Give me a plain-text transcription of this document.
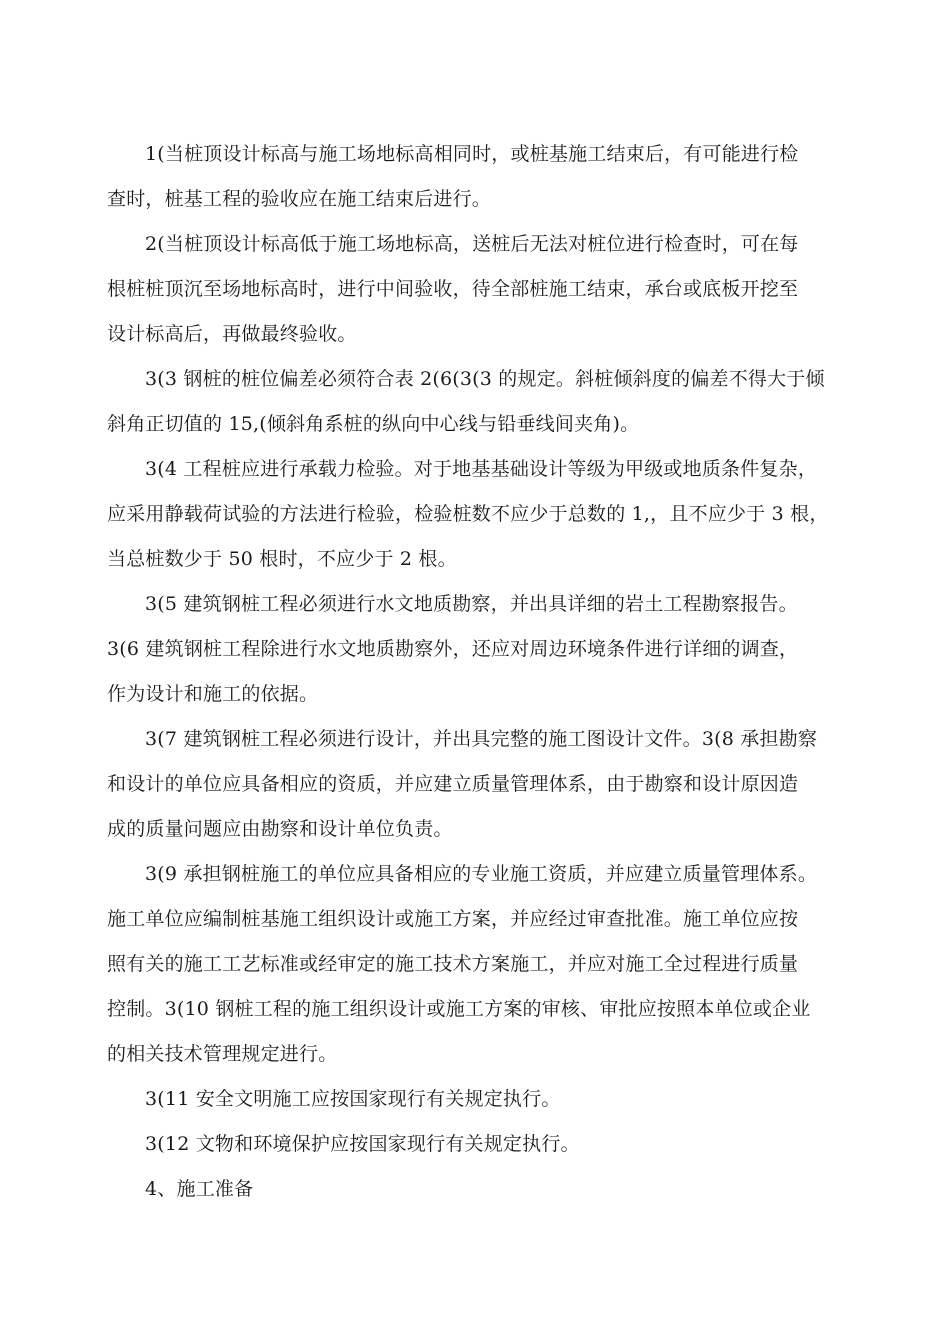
1(当桩顶设计标高与施工场地标高相同时，或桩基施工结束后，有可能进行检
查时，桩基工程的验收应在施工结束后进行。
2(当桩顶设计标高低于施工场地标高，送桩后无法对桩位进行检查时，可在每
根桩桩顶沉至场地标高时，进行中间验收，待全部桩施工结束，承台或底板开挖至
设计标高后，再做最终验收。
3(3 钢桩的桩位偏差必须符合表 2(6(3(3 的规定。斜桩倾斜度的偏差不得大于倾
斜角正切值的 15,(倾斜角系桩的纵向中心线与铅垂线间夹角)。
3(4 工程桩应进行承载力检验。对于地基基础设计等级为甲级或地质条件复杂，
应采用静载荷试验的方法进行检验，检验桩数不应少于总数的 1,，且不应少于 3 根，
当总桩数少于 50 根时，不应少于 2 根。
3(5 建筑钢桩工程必须进行水文地质勘察，并出具详细的岩土工程勘察报告。
3(6 建筑钢桩工程除进行水文地质勘察外，还应对周边环境条件进行详细的调查，
作为设计和施工的依据。
3(7 建筑钢桩工程必须进行设计，并出具完整的施工图设计文件。3(8 承担勘察
和设计的单位应具备相应的资质，并应建立质量管理体系，由于勘察和设计原因造
成的质量问题应由勘察和设计单位负责。
3(9 承担钢桩施工的单位应具备相应的专业施工资质，并应建立质量管理体系。
施工单位应编制桩基施工组织设计或施工方案，并应经过审查批准。施工单位应按
照有关的施工工艺标准或经审定的施工技术方案施工，并应对施工全过程进行质量
控制。3(10 钢桩工程的施工组织设计或施工方案的审核、审批应按照本单位或企业
的相关技术管理规定进行。
3(11 安全文明施工应按国家现行有关规定执行。
3(12 文物和环境保护应按国家现行有关规定执行。
4、施工准备
